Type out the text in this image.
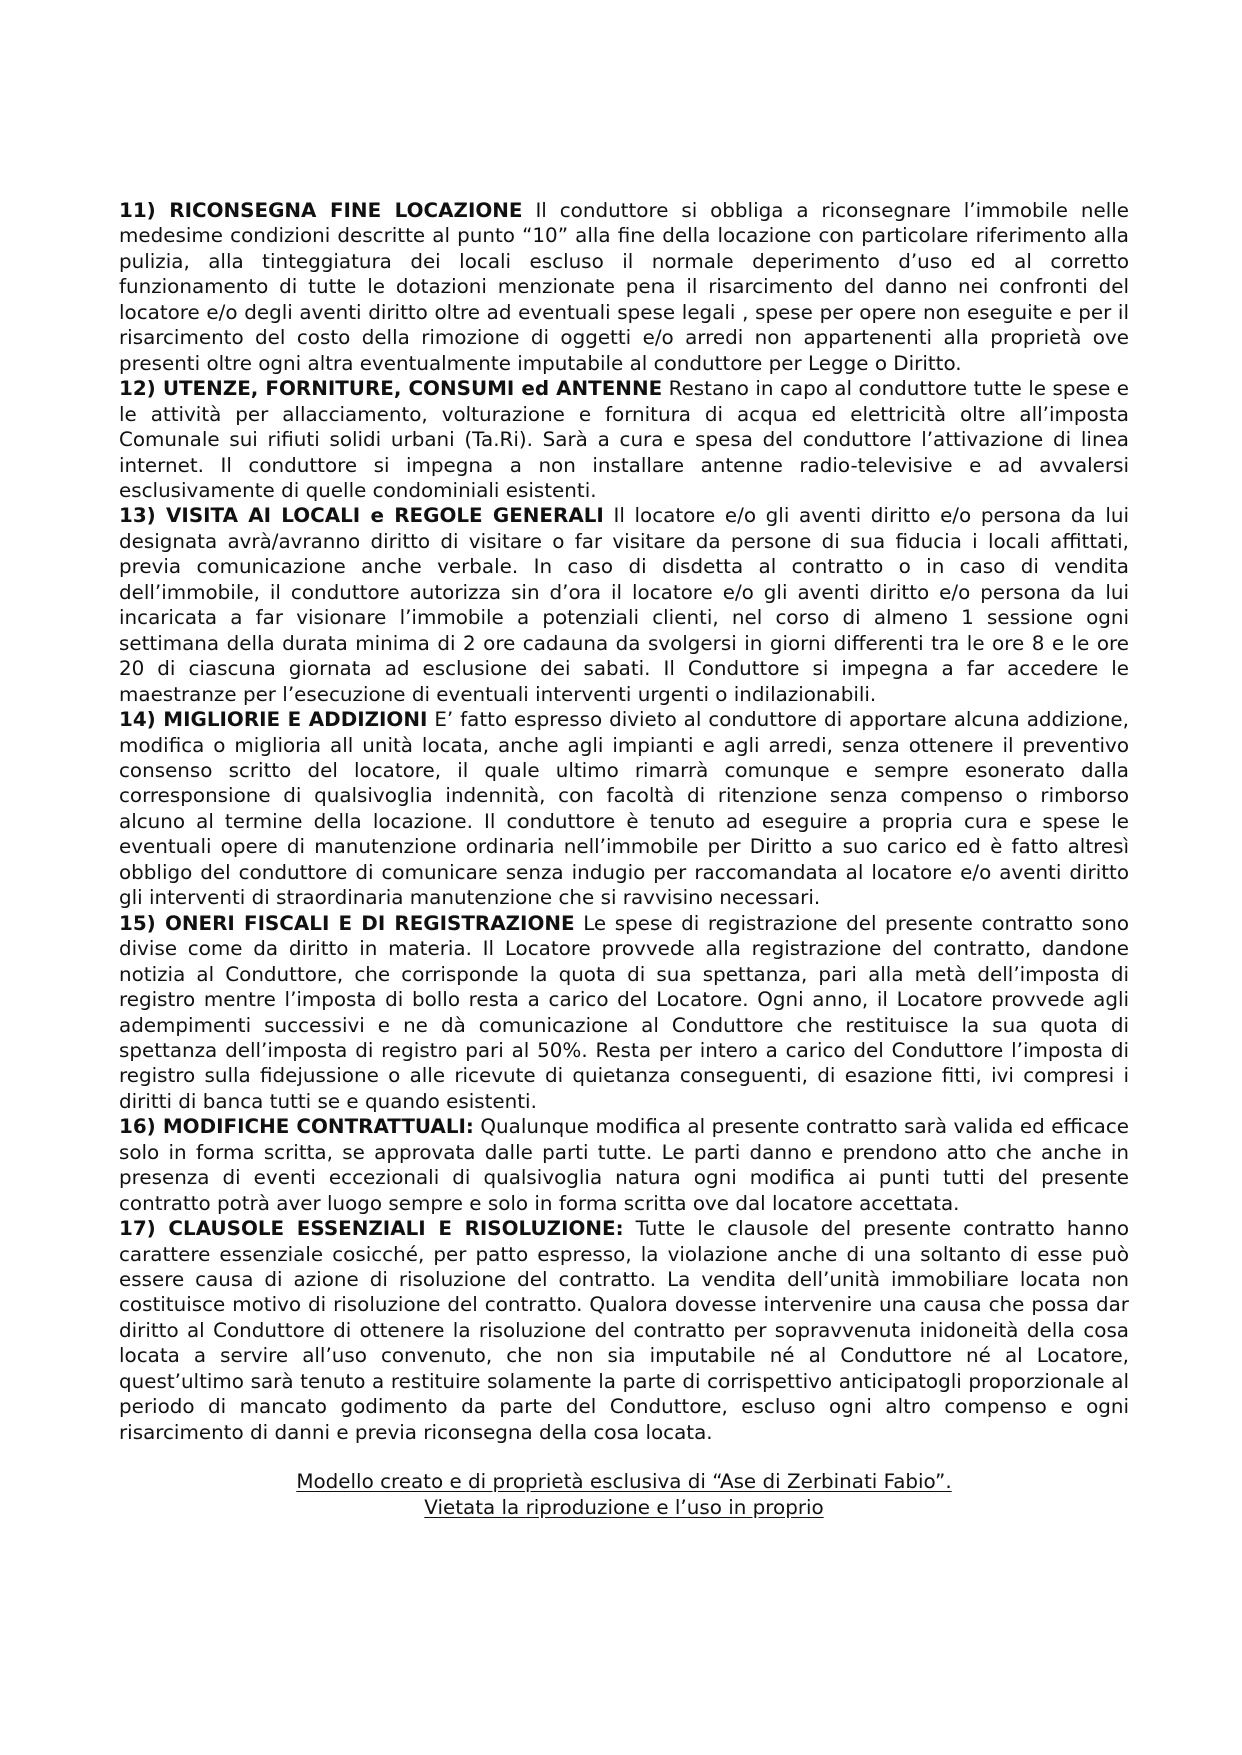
11) RICONSEGNA FINE LOCAZIONE Il conduttore si obbliga a riconsegnare l’immobile nelle medesime condizioni descritte al punto “10” alla fine della locazione con particolare riferimento alla pulizia, alla tinteggiatura dei locali escluso il normale deperimento d’uso ed al corretto funzionamento di tutte le dotazioni menzionate pena il risarcimento del danno nei confronti del locatore e/o degli aventi diritto oltre ad eventuali spese legali , spese per opere non eseguite e per il risarcimento del costo della rimozione di oggetti e/o arredi non appartenenti alla proprietà ove presenti oltre ogni altra eventualmente imputabile al conduttore per Legge o Diritto.

12) UTENZE, FORNITURE, CONSUMI ed ANTENNE Restano in capo al conduttore tutte le spese e le attività per allacciamento, volturazione e fornitura di acqua ed elettricità oltre all’imposta Comunale sui rifiuti solidi urbani (Ta.Ri). Sarà a cura e spesa del conduttore l’attivazione di linea internet. Il conduttore si impegna a non installare antenne radio-televisive e ad avvalersi esclusivamente di quelle condominiali esistenti.

13) VISITA AI LOCALI e REGOLE GENERALI Il locatore e/o gli aventi diritto e/o persona da lui designata avrà/avranno diritto di visitare o far visitare da persone di sua fiducia i locali affittati, previa comunicazione anche verbale. In caso di disdetta al contratto o in caso di vendita dell’immobile, il conduttore autorizza sin d’ora il locatore e/o gli aventi diritto e/o persona da lui incaricata a far visionare l’immobile a potenziali clienti, nel corso di almeno 1 sessione ogni settimana della durata minima di 2 ore cadauna da svolgersi in giorni differenti tra le ore 8 e le ore 20 di ciascuna giornata ad esclusione dei sabati. Il Conduttore si impegna a far accedere le maestranze per l’esecuzione di eventuali interventi urgenti o indilazionabili.

14) MIGLIORIE E ADDIZIONI E’ fatto espresso divieto al conduttore di apportare alcuna addizione, modifica o miglioria all unità locata, anche agli impianti e agli arredi, senza ottenere il preventivo consenso scritto del locatore, il quale ultimo rimarrà comunque e sempre esonerato dalla corresponsione di qualsivoglia indennità, con facoltà di ritenzione senza compenso o rimborso alcuno al termine della locazione. Il conduttore è tenuto ad eseguire a propria cura e spese le eventuali opere di manutenzione ordinaria nell’immobile per Diritto a suo carico ed è fatto altresì obbligo del conduttore di comunicare senza indugio per raccomandata al locatore e/o aventi diritto gli interventi di straordinaria manutenzione che si ravvisino necessari.

15) ONERI FISCALI E DI REGISTRAZIONE Le spese di registrazione del presente contratto sono divise come da diritto in materia. Il Locatore provvede alla registrazione del contratto, dandone notizia al Conduttore, che corrisponde la quota di sua spettanza, pari alla metà dell’imposta di registro mentre l’imposta di bollo resta a carico del Locatore. Ogni anno, il Locatore provvede agli adempimenti successivi e ne dà comunicazione al Conduttore che restituisce la sua quota di spettanza dell’imposta di registro pari al 50%. Resta per intero a carico del Conduttore l’imposta di registro sulla fidejussione o alle ricevute di quietanza conseguenti, di esazione fitti, ivi compresi i diritti di banca tutti se e quando esistenti.

16) MODIFICHE CONTRATTUALI: Qualunque modifica al presente contratto sarà valida ed efficace solo in forma scritta, se approvata dalle parti tutte. Le parti danno e prendono atto che anche in presenza di eventi eccezionali di qualsivoglia natura ogni modifica ai punti tutti del presente contratto potrà aver luogo sempre e solo in forma scritta ove dal locatore accettata.

17) CLAUSOLE ESSENZIALI E RISOLUZIONE: Tutte le clausole del presente contratto hanno carattere essenziale cosicché, per patto espresso, la violazione anche di una soltanto di esse può essere causa di azione di risoluzione del contratto. La vendita dell’unità immobiliare locata non costituisce motivo di risoluzione del contratto. Qualora dovesse intervenire una causa che possa dar diritto al Conduttore di ottenere la risoluzione del contratto per sopravvenuta inidoneità della cosa locata a servire all’uso convenuto, che non sia imputabile né al Conduttore né al Locatore, quest’ultimo sarà tenuto a restituire solamente la parte di corrispettivo anticipatogli proporzionale al periodo di mancato godimento da parte del Conduttore, escluso ogni altro compenso e ogni risarcimento di danni e previa riconsegna della cosa locata.

Modello creato e di proprietà esclusiva di “Ase di Zerbinati Fabio”.
Vietata la riproduzione e l’uso in proprio
